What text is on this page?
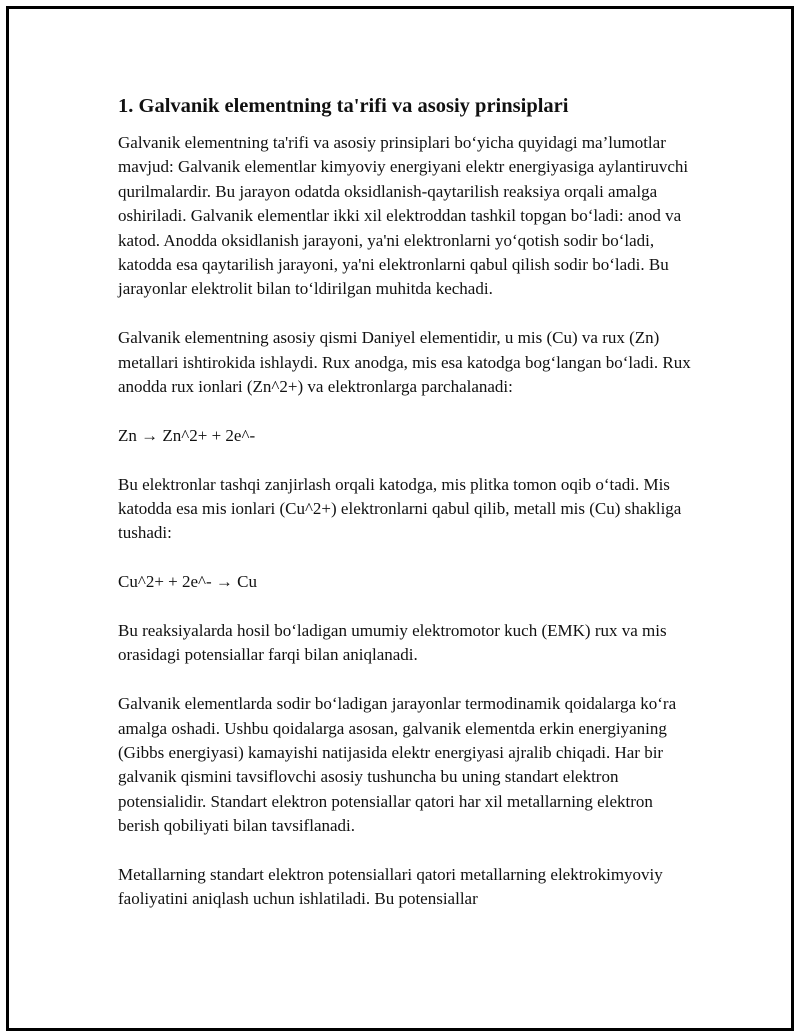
1. Galvanik elementning ta'rifi va asosiy prinsiplari

Galvanik elementning ta'rifi va asosiy prinsiplari bo‘yicha quyidagi ma’lumotlar mavjud: Galvanik elementlar kimyoviy energiyani elektr energiyasiga aylantiruvchi qurilmalardir. Bu jarayon odatda oksidlanish-qaytarilish reaksiya orqali amalga oshiriladi. Galvanik elementlar ikki xil elektroddan tashkil topgan bo‘ladi: anod va katod. Anodda oksidlanish jarayoni, ya'ni elektronlarni yo‘qotish sodir bo‘ladi, katodda esa qaytarilish jarayoni, ya'ni elektronlarni qabul qilish sodir bo‘ladi. Bu jarayonlar elektrolit bilan to‘ldirilgan muhitda kechadi.

Galvanik elementning asosiy qismi Daniyel elementidir, u mis (Cu) va rux (Zn) metallari ishtirokida ishlaydi. Rux anodga, mis esa katodga bog‘langan bo‘ladi. Rux anodda rux ionlari (Zn^2+) va elektronlarga parchalanadi:

Zn → Zn^2+ + 2e^-

Bu elektronlar tashqi zanjirlash orqali katodga, mis plitka tomon oqib o‘tadi. Mis katodda esa mis ionlari (Cu^2+) elektronlarni qabul qilib, metall mis (Cu) shakliga tushadi:

Cu^2+ + 2e^- → Cu

Bu reaksiyalarda hosil bo‘ladigan umumiy elektromotor kuch (EMK) rux va mis orasidagi potensiallar farqi bilan aniqlanadi.

Galvanik elementlarda sodir bo‘ladigan jarayonlar termodinamik qoidalarga ko‘ra amalga oshadi. Ushbu qoidalarga asosan, galvanik elementda erkin energiyaning (Gibbs energiyasi) kamayishi natijasida elektr energiyasi ajralib chiqadi. Har bir galvanik qismini tavsiflovchi asosiy tushuncha bu uning standart elektron potensialidir. Standart elektron potensiallar qatori har xil metallarning elektron berish qobiliyati bilan tavsiflanadi.

Metallarning standart elektron potensiallari qatori metallarning elektrokimyoviy faoliyatini aniqlash uchun ishlatiladi. Bu potensiallar
